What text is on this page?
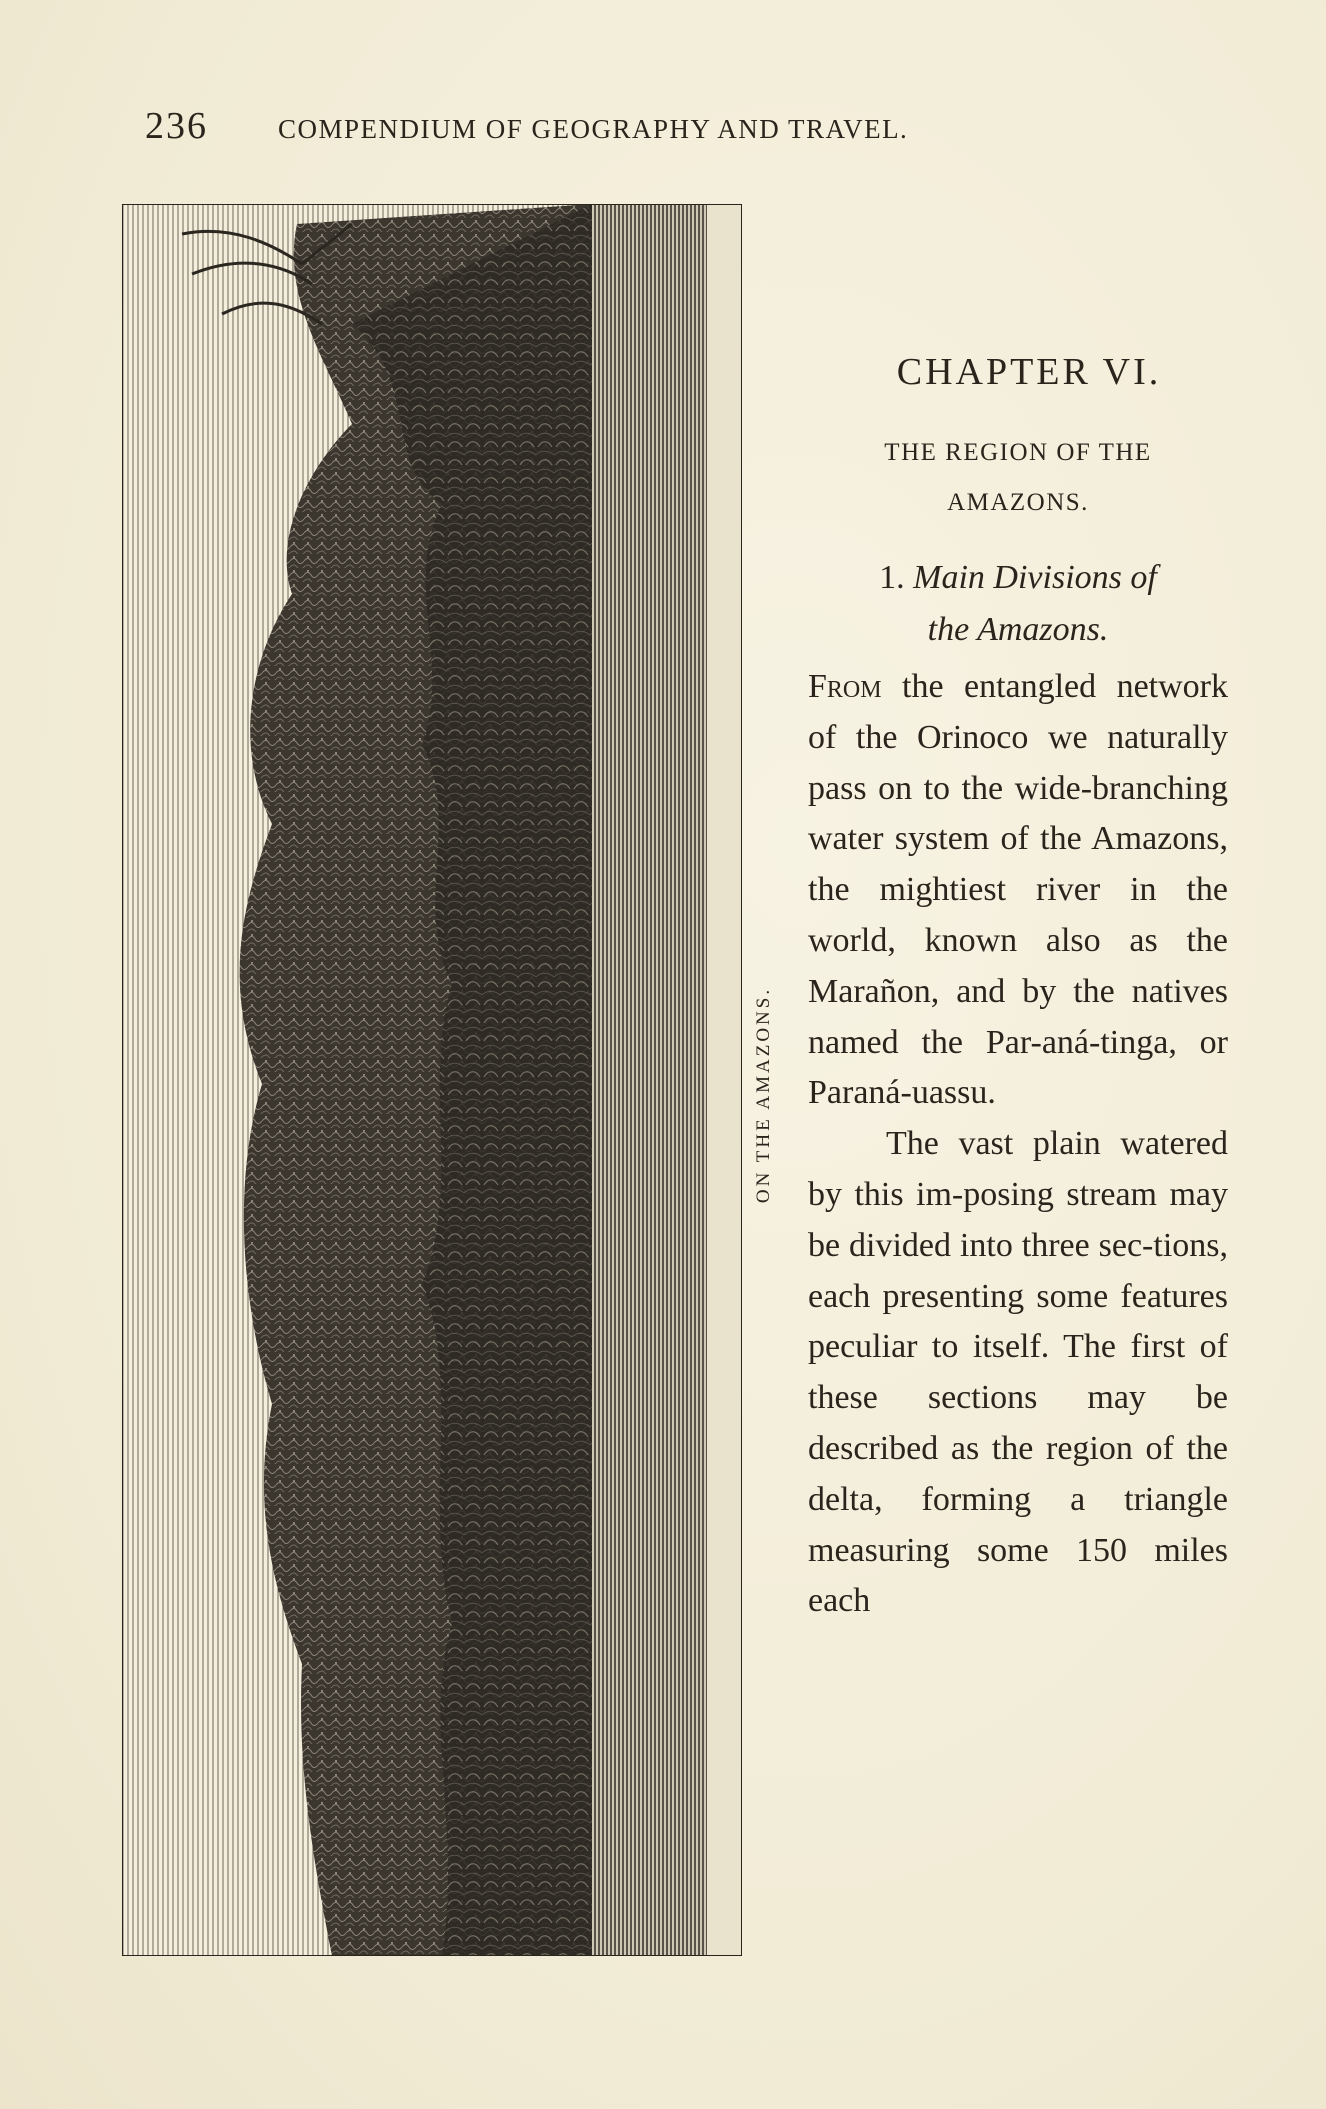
236	COMPENDIUM OF GEOGRAPHY AND TRAVEL.
ON THE AMAZONS.
CHAPTER VI.
THE REGION OF THE
AMAZONS.
1. Main Divisions of
the Amazons.

From the entangled network of the Orinoco we naturally pass on to the wide-branching water system of the Amazons, the mightiest river in the world, known also as the Marañon, and by the natives named the Par-aná-tinga, or Paraná-uassu.

The vast plain watered by this im-posing stream may be divided into three sec-tions, each presenting some features peculiar to itself. The first of these sections may be described as the region of the delta, forming a triangle measuring some 150 miles each
